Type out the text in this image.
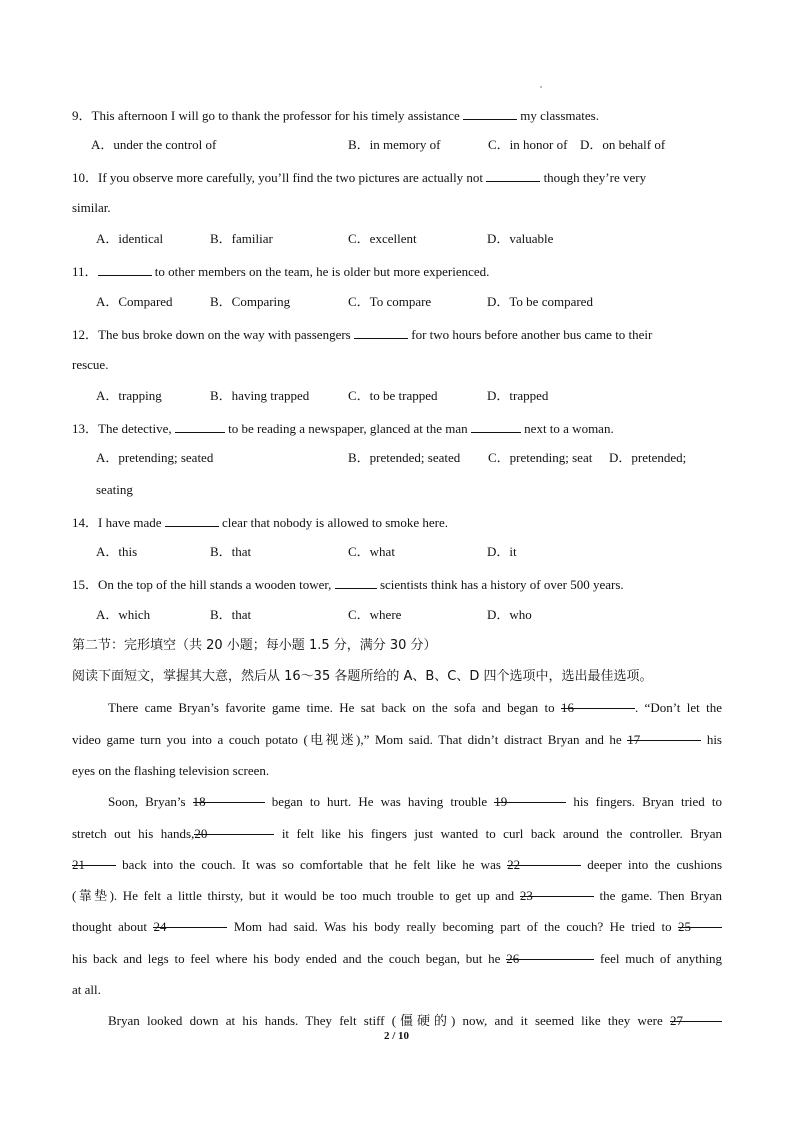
9．This afternoon I will go to thank the professor for his timely assistance	my classmates.
A．under the control of	B．in memory of	C．in honor of D．on behalf of
10．If you observe more carefully, you’ll find the two pictures are actually not	though they’re very
similar.
A．identical	B．familiar	C．excellent	D．valuable
11．	to other members on the team, he is older but more experienced.
A．Compared	B．Comparing	C．To compare	D．To be compared
12．The bus broke down on the way with passengers	for two hours before another bus came to their
rescue.
A．trapping	B．having trapped	C．to be trapped	D．trapped
13．The detective,	to be reading a newspaper, glanced at the man	next to a woman.
A．pretending; seated	B．pretended; seated C．pretending; seat D．pretended;
seating
14．I have made	clear that nobody is allowed to smoke here.
A．this	B．that	C．what	D．it
15．On the top of the hill stands a wooden tower,	scientists think has a history of over 500 years.
A．which	B．that	C．where	D．who
第二节：完形填空（共 20 小题；每小题 1.5 分，满分 30 分）
阅读下面短文，掌握其大意，然后从 16～35 各题所给的 A、B、C、D 四个选项中，选出最佳选项。
There came Bryan’s favorite game time. He sat back on the sofa and began to 16	. “Don’t let the
video game turn you into a couch potato (电视迷),” Mom said. That didn’t distract Bryan and he 17	his
eyes on the flashing television screen.
Soon, Bryan’s 18	began to hurt. He was having trouble 19	his fingers. Bryan tried to
stretch out his hands,20	it felt like his fingers just wanted to curl back around the controller. Bryan
21 back into the couch. It was so comfortable that he felt like he was 22	deeper into the cushions
(靠垫). He felt a little thirsty, but it would be too much trouble to get up and 23	the game. Then Bryan
thought about 24	Mom had said. Was his body really becoming part of the couch? He tried to 25
his back and legs to feel where his body ended and the couch began, but he 26	feel much of anything
at all.
Bryan looked down at his hands. They felt stiff (僵硬的) now, and it seemed like they were 27
2 / 10
